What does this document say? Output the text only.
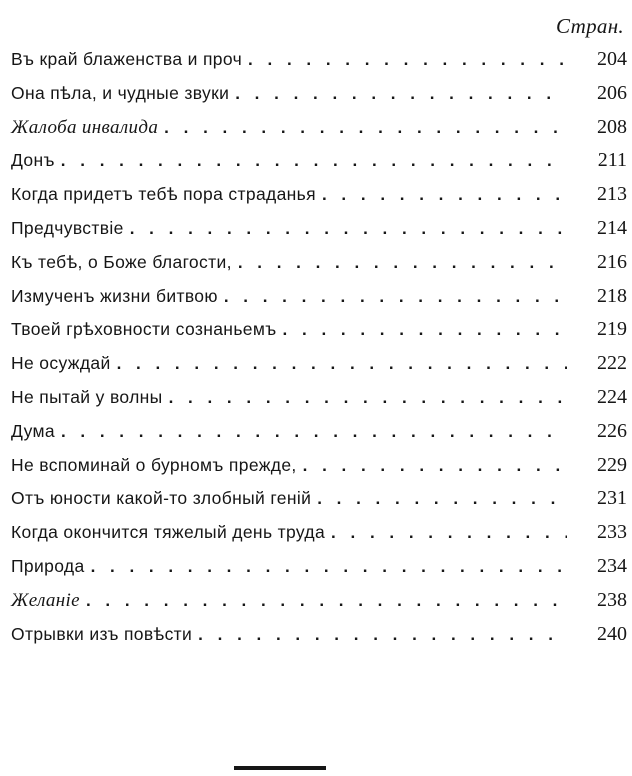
Стран.
Въ край блаженства и проч . . .	204
Она пѣла, и чудные звуки . . .	206
Жалоба инвалида . . .	208
Донъ . . .	211
Когда придетъ тебѣ пора страданья . . .	213
Предчувствіе . . .	214
Къ тебѣ, о Боже благости, . . .	216
Измученъ жизни битвою . . .	218
Твоей грѣховности сознаньемъ . . .	219
Не осуждай . . .	222
Не пытай у волны . . .	224
Дума . . .	226
Не вспоминай о бурномъ прежде, . . .	229
Отъ юности какой-то злобный геній . . .	231
Когда окончится тяжелый день труда . . .	233
Природа . . .	234
Желаніе . . .	238
Отрывки изъ повѣсти . . .	240
